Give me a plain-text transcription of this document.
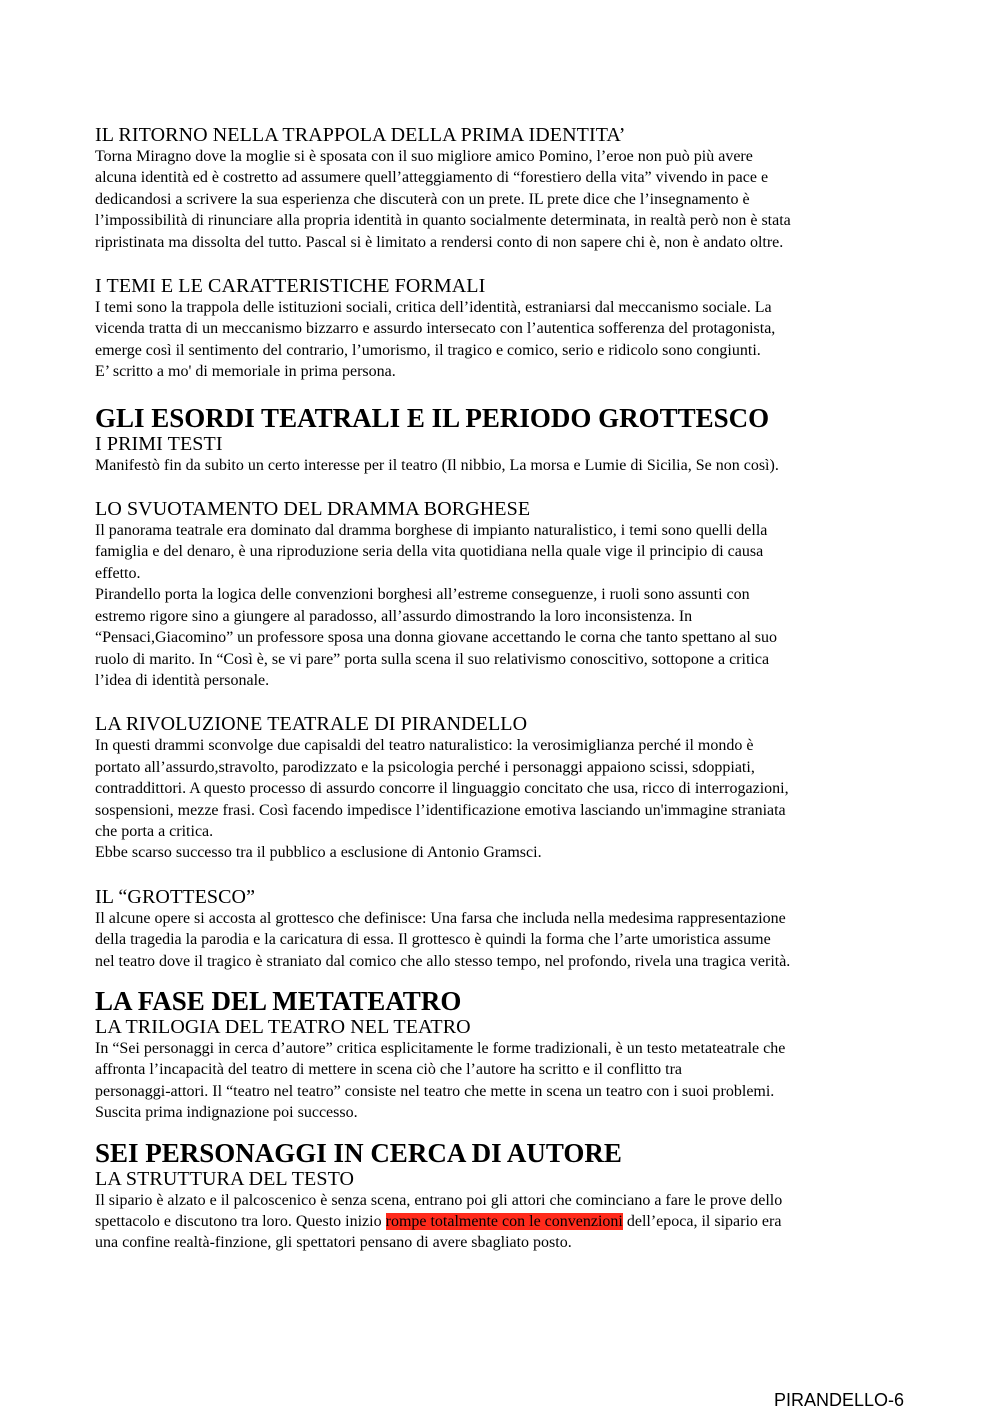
IL RITORNO NELLA TRAPPOLA DELLA PRIMA IDENTITA’
Torna Miragno dove la moglie si è sposata con il suo migliore amico Pomino, l’eroe non può più avere
alcuna identità ed è costretto ad assumere quell’atteggiamento di “forestiero della vita” vivendo in pace e
dedicandosi a scrivere la sua esperienza che discuterà con un prete. IL prete dice che l’insegnamento è
l’impossibilità di rinunciare alla propria identità in quanto socialmente determinata, in realtà però non è stata
ripristinata ma dissolta del tutto. Pascal si è limitato a rendersi conto di non sapere chi è, non è andato oltre.
I TEMI E LE CARATTERISTICHE FORMALI
I temi sono la trappola delle istituzioni sociali, critica dell’identità, estraniarsi dal meccanismo sociale. La
vicenda tratta di un meccanismo bizzarro e assurdo intersecato con l’autentica sofferenza del protagonista,
emerge così il sentimento del contrario, l’umorismo, il tragico e comico, serio e ridicolo sono congiunti.
E’ scritto a mo' di memoriale in prima persona.
GLI ESORDI TEATRALI E IL PERIODO GROTTESCO
I PRIMI TESTI
Manifestò fin da subito un certo interesse per il teatro (Il nibbio, La morsa e Lumie di Sicilia, Se non così).
LO SVUOTAMENTO DEL DRAMMA BORGHESE
Il panorama teatrale era dominato dal dramma borghese di impianto naturalistico, i temi sono quelli della
famiglia e del denaro, è una riproduzione seria della vita quotidiana nella quale vige il principio di causa
effetto.
Pirandello porta la logica delle convenzioni borghesi all’estreme conseguenze, i ruoli sono assunti con
estremo rigore sino a giungere al paradosso, all’assurdo dimostrando la loro inconsistenza. In
“Pensaci,Giacomino” un professore sposa una donna giovane accettando le corna che tanto spettano al suo
ruolo di marito. In “Così è, se vi pare” porta sulla scena il suo relativismo conoscitivo, sottopone a critica
l’idea di identità personale.
LA RIVOLUZIONE TEATRALE DI PIRANDELLO
In questi drammi sconvolge due capisaldi del teatro naturalistico: la verosimiglianza perché il mondo è
portato all’assurdo,stravolto, parodizzato e la psicologia perché i personaggi appaiono scissi, sdoppiati,
contraddittori. A questo processo di assurdo concorre il linguaggio concitato che usa, ricco di interrogazioni,
sospensioni, mezze frasi. Così facendo impedisce l’identificazione emotiva lasciando un'immagine straniata
che porta a critica.
Ebbe scarso successo tra il pubblico a esclusione di Antonio Gramsci.
IL “GROTTESCO”
Il alcune opere si accosta al grottesco che definisce: Una farsa che includa nella medesima rappresentazione
della tragedia la parodia e la caricatura di essa. Il grottesco è quindi la forma che l’arte umoristica assume
nel teatro dove il tragico è straniato dal comico che allo stesso tempo, nel profondo, rivela una tragica verità.
LA FASE DEL METATEATRO
LA TRILOGIA DEL TEATRO NEL TEATRO
In “Sei personaggi in cerca d’autore” critica esplicitamente le forme tradizionali, è un testo metateatrale che
affronta l’incapacità del teatro di mettere in scena ciò che l’autore ha scritto e il conflitto tra
personaggi-attori. Il “teatro nel teatro” consiste nel teatro che mette in scena un teatro con i suoi problemi.
Suscita prima indignazione poi successo.
SEI PERSONAGGI IN CERCA DI AUTORE
LA STRUTTURA DEL TESTO
Il sipario è alzato e il palcoscenico è senza scena, entrano poi gli attori che cominciano a fare le prove dello
spettacolo e discutono tra loro. Questo inizio rompe totalmente con le convenzioni dell’epoca, il sipario era
una confine realtà-finzione, gli spettatori pensano di avere sbagliato posto.
PIRANDELLO-6
